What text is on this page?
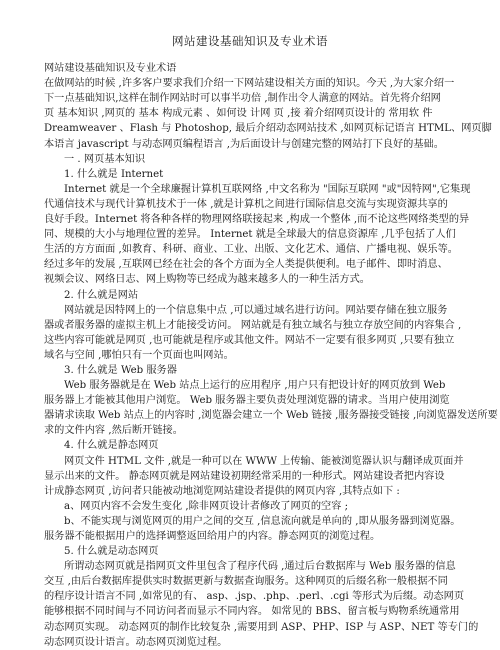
网站建设基础知识及专业术语
网站建设基础知识及专业术语
在做网站的时候 ,许多客户要求我们介绍一下网站建设相关方面的知识。今天 ,为大家介绍一
下一点基础知识,这样在制作网站时可以事半功倍 ,制作出令人满意的网站。首先将介绍网
页 基本知识 ,网页的 基本 构成元素 、如何设 计网 页 ,接 着介绍网页设计的 常用软 件
Dreamweaver 、Flash 与 Photoshop, 最后介绍动态网站技术 ,如网页标记语言 HTML、网页脚
本语言 javascript 与动态网页编程语言 ,为后面设计与创建完整的网站打下良好的基础。
一 . 网页基本知识
1. 什么就是 Internet
Internet 就是一个全球廉握计算机互联网络 ,中文名称为 "国际互联网 "或"因特网",它集现
代通信技术与现代计算机技术于一体 ,就是计算机之间进行国际信息交流与实现资源共享的
良好手段。Internet 将各种各样的物理网络联接起来 ,构成一个整体 ,而不论这些网络类型的异
同、规模的大小与地理位置的差异。 Internet 就是全球最大的信息资源库 ,几乎包括了人们
生活的方方面面 ,如教育、科研、商业、工业、出版、文化艺术、通信、广播电视、娱乐等。
经过多年的发展 ,互联网已经在社会的各个方面为全人类提供便利。电子邮件、即时消息、
视频会议、网络日志、网上购物等已经成为越来越多人的一种生活方式。
2. 什么就是网站
网站就是因特网上的一个信息集中点 ,可以通过域名进行访问。网站要存储在独立服务
器或者服务器的虚拟主机上才能接受访问。 网站就是有独立域名与独立存放空间的内容集合 ,
这些内容可能就是网页 ,也可能就是程序或其他文件。网站不一定要有很多网页 ,只要有独立
域名与空间 ,哪怕只有一个页面也叫网站。
3. 什么就是 Web 服务器
Web 服务器就是在 Web 站点上运行的应用程序 ,用户只有把设计好的网页放到 Web
服务器上才能被其他用户浏览。 Web 服务器主要负责处理浏览器的请求。当用户使用浏览
器请求读取 Web 站点上的内容时 ,浏览器会建立一个 Web 链接 ,服务器接受链接 ,向浏览器发送所要
求的文件内容 ,然后断开链接。
4. 什么就是静态网页
网页文件 HTML 文件 ,就是一种可以在 WWW 上传输、能被浏览器认识与翻译成页面并
显示出来的文件。 静态网页就是网站建设初期经常采用的一种形式。网站建设者把内容设
计成静态网页 ,访问者只能被动地浏览网站建设者提供的网页内容 ,其特点如下 :
a、网页内容不会发生变化 ,除非网页设计者修改了网页的空容 ;
b、不能实现与浏览网页的用户之间的交互 ,信息流向就是单向的 ,即从服务器到浏览器。
服务器不能根据用户的选择调整返回给用户的内容。静态网页的浏览过程。
5. 什么就是动态网页
所谓动态网页就是指网页文件里包含了程序代码 ,通过后台数据库与 Web 服务器的信息
交互 ,由后台数据库提供实时数据更新与数据查询服务。这种网页的后缀名称一般根据不同
的程序设计语言不同 ,如常见的有、 asp、.jsp、.php、.perl、.cgi 等形式为后缀。动态网页
能够根据不同时间与不同访问者而显示不同内容。 如常见的 BBS、留言板与购物系统通常用
动态网页实现。 动态网页的制作比较复杂 ,需要用到 ASP、PHP、ISP 与 ASP、NET 等专门的
动态网页设计语言。动态网页浏览过程。
